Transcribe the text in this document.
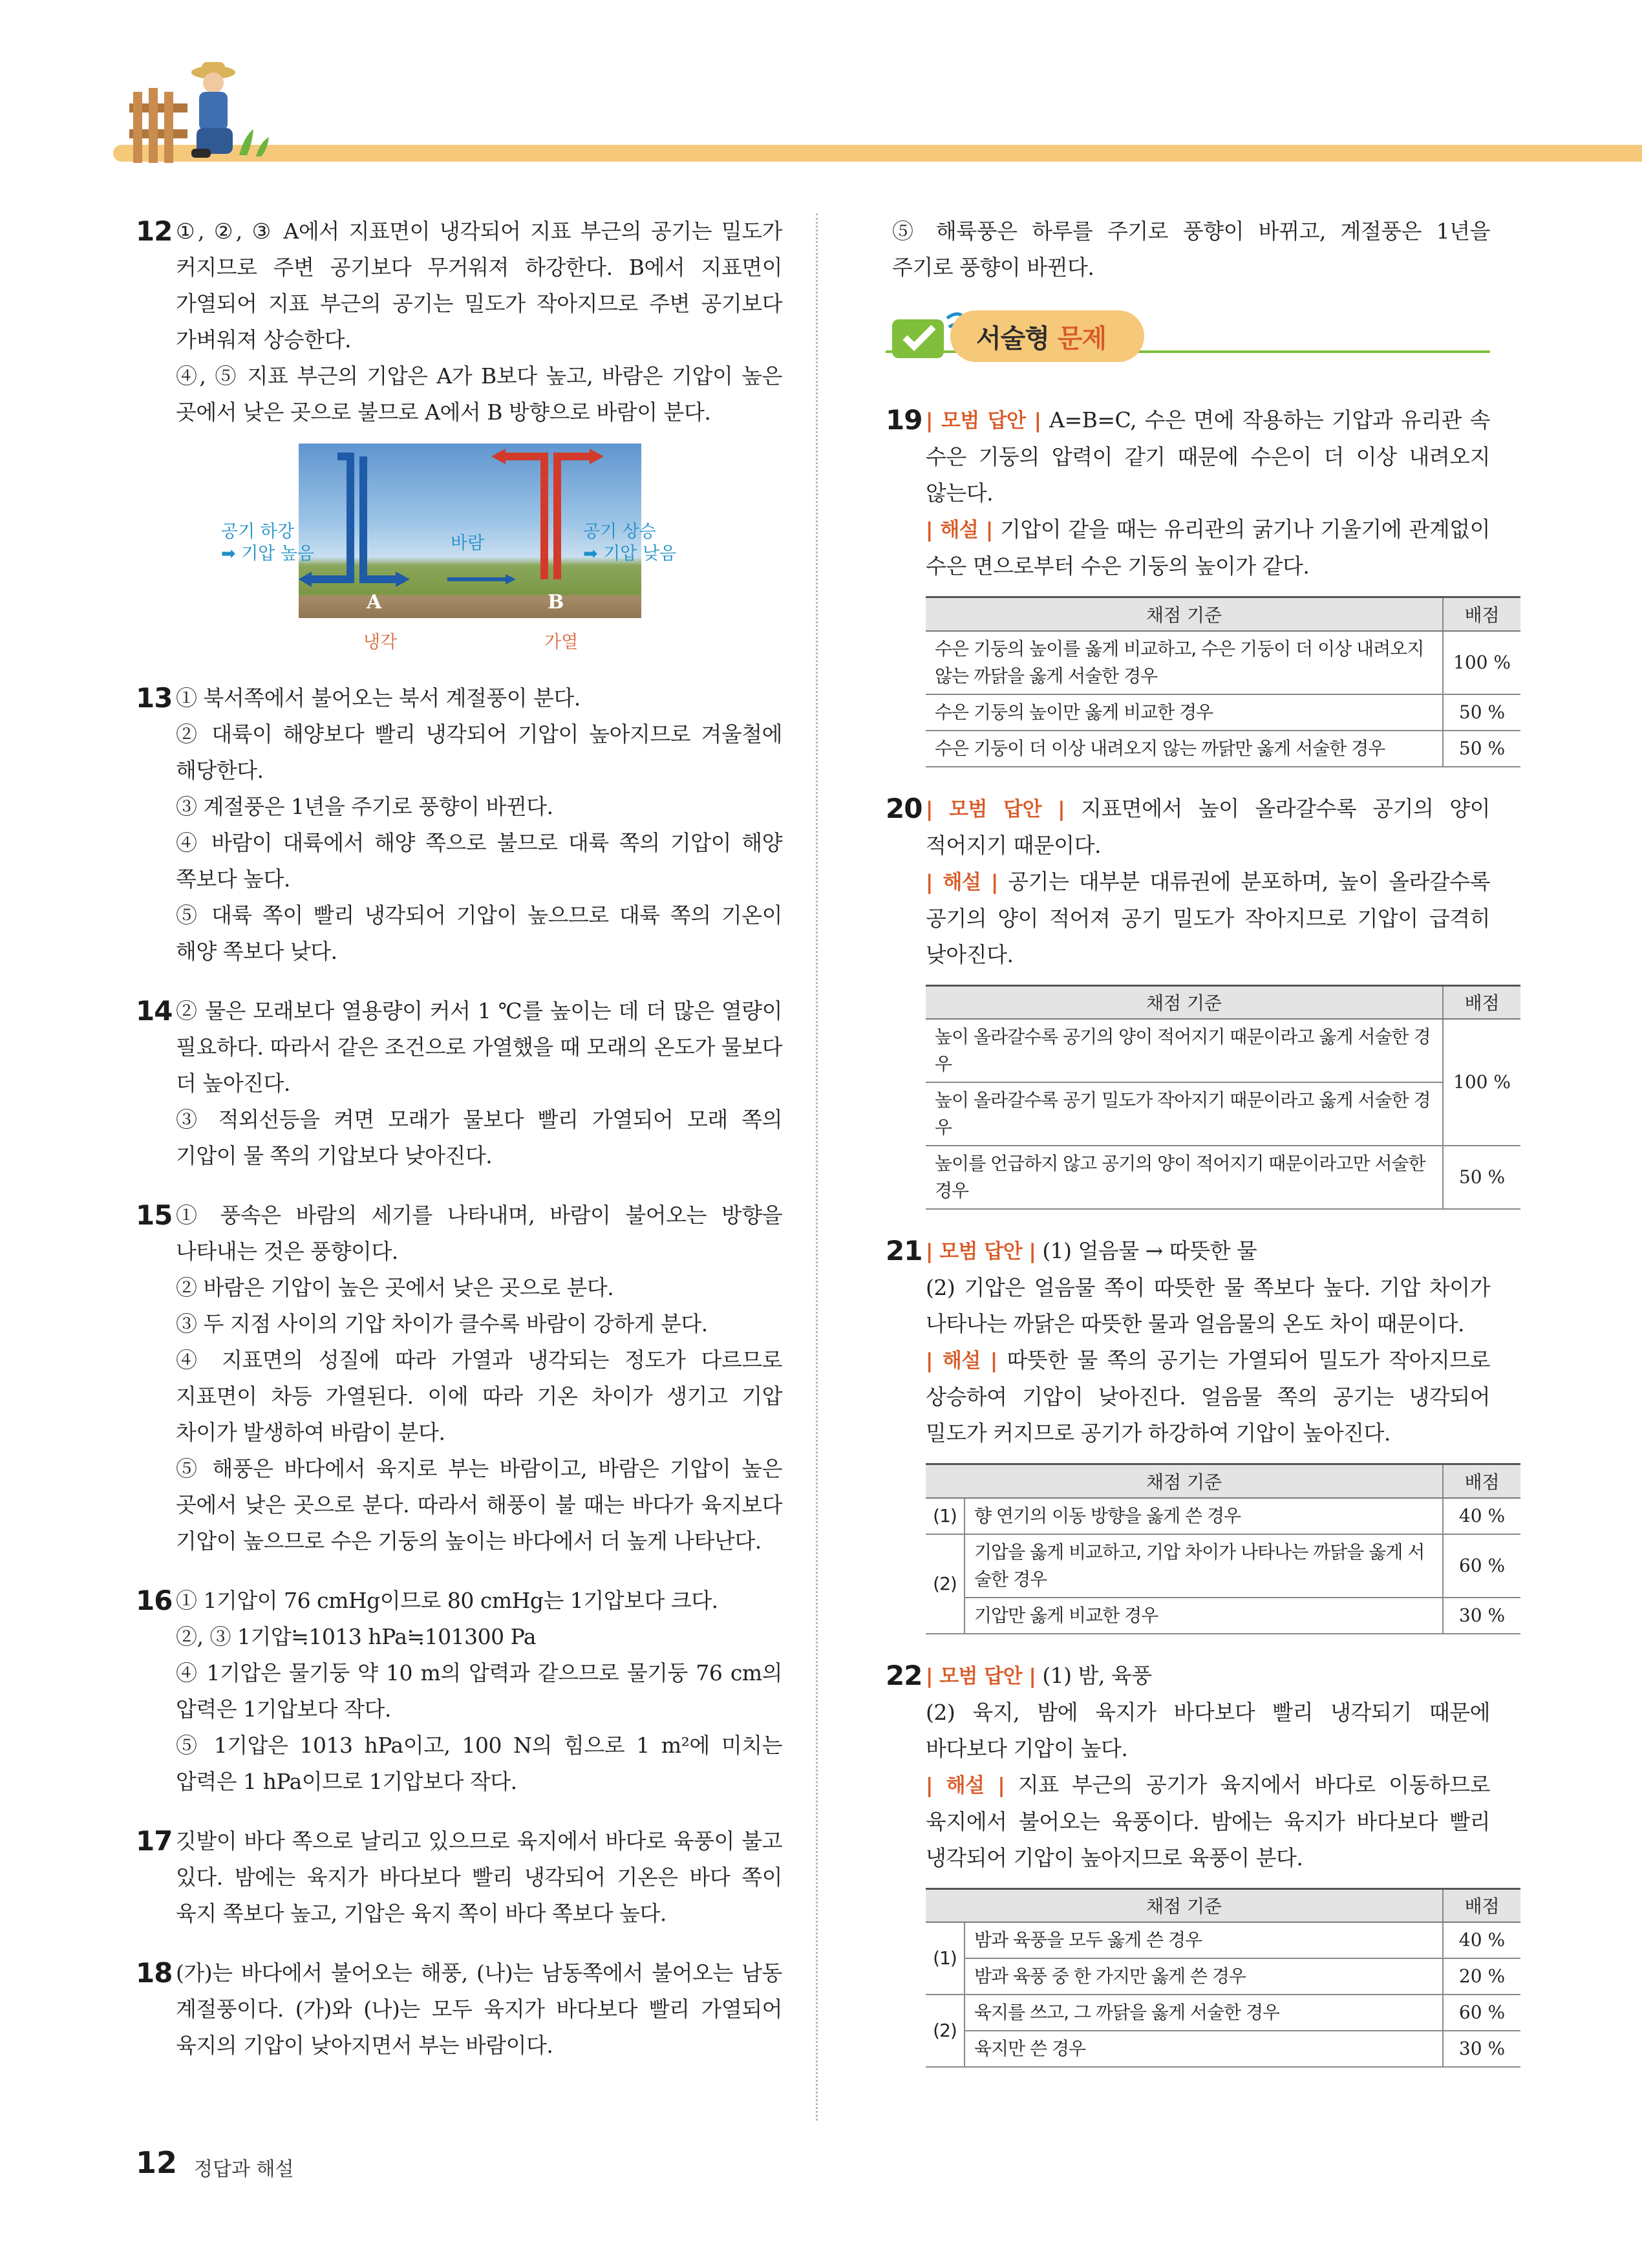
12 ①, ②, ③ A에서 지표면이 냉각되어 지표 부근의 공기는 밀도가 커지므로 주변 공기보다 무거워져 하강한다. B에서 지표면이 가열되어 지표 부근의 공기는 밀도가 작아지므로 주변 공기보다 가벼워져 상승한다.

④, ⑤ 지표 부근의 기압은 A가 B보다 높고, 바람은 기압이 높은 곳에서 낮은 곳으로 불므로 A에서 B 방향으로 바람이 분다.

공기 하강
➡ 기압 높음
공기 상승
➡ 기압 낮음
바람
A	B
냉각	가열
13 ① 북서쪽에서 불어오는 북서 계절풍이 분다.

② 대륙이 해양보다 빨리 냉각되어 기압이 높아지므로 겨울철에 해당한다.

③ 계절풍은 1년을 주기로 풍향이 바뀐다.

④ 바람이 대륙에서 해양 쪽으로 불므로 대륙 쪽의 기압이 해양 쪽보다 높다.

⑤ 대륙 쪽이 빨리 냉각되어 기압이 높으므로 대륙 쪽의 기온이 해양 쪽보다 낮다.

14 ② 물은 모래보다 열용량이 커서 1 ℃를 높이는 데 더 많은 열량이 필요하다. 따라서 같은 조건으로 가열했을 때 모래의 온도가 물보다 더 높아진다.

③ 적외선등을 켜면 모래가 물보다 빨리 가열되어 모래 쪽의 기압이 물 쪽의 기압보다 낮아진다.

15 ① 풍속은 바람의 세기를 나타내며, 바람이 불어오는 방향을 나타내는 것은 풍향이다.

② 바람은 기압이 높은 곳에서 낮은 곳으로 분다.

③ 두 지점 사이의 기압 차이가 클수록 바람이 강하게 분다.

④ 지표면의 성질에 따라 가열과 냉각되는 정도가 다르므로 지표면이 차등 가열된다. 이에 따라 기온 차이가 생기고 기압 차이가 발생하여 바람이 분다.

⑤ 해풍은 바다에서 육지로 부는 바람이고, 바람은 기압이 높은 곳에서 낮은 곳으로 분다. 따라서 해풍이 불 때는 바다가 육지보다 기압이 높으므로 수은 기둥의 높이는 바다에서 더 높게 나타난다.

16 ① 1기압이 76 cmHg이므로 80 cmHg는 1기압보다 크다.

②, ③ 1기압≒1013 hPa≒101300 Pa

④ 1기압은 물기둥 약 10 m의 압력과 같으므로 물기둥 76 cm의 압력은 1기압보다 작다.

⑤ 1기압은 1013 hPa이고, 100 N의 힘으로 1 m²에 미치는 압력은 1 hPa이므로 1기압보다 작다.

17 깃발이 바다 쪽으로 날리고 있으므로 육지에서 바다로 육풍이 불고 있다. 밤에는 육지가 바다보다 빨리 냉각되어 기온은 바다 쪽이 육지 쪽보다 높고, 기압은 육지 쪽이 바다 쪽보다 높다.

18 (가)는 바다에서 불어오는 해풍, (나)는 남동쪽에서 불어오는 남동 계절풍이다. (가)와 (나)는 모두 육지가 바다보다 빨리 가열되어 육지의 기압이 낮아지면서 부는 바람이다.

⑤ 해륙풍은 하루를 주기로 풍향이 바뀌고, 계절풍은 1년을 주기로 풍향이 바뀐다.

서술형 문제
19 | 모범 답안 | A=B=C, 수은 면에 작용하는 기압과 유리관 속 수은 기둥의 압력이 같기 때문에 수은이 더 이상 내려오지 않는다.

| 해설 | 기압이 같을 때는 유리관의 굵기나 기울기에 관계없이 수은 면으로부터 수은 기둥의 높이가 같다.

채점 기준	배점
수은 기둥의 높이를 옳게 비교하고, 수은 기둥이 더 이상 내려오지 않는 까닭을 옳게 서술한 경우	100 %
수은 기둥의 높이만 옳게 비교한 경우	50 %
수은 기둥이 더 이상 내려오지 않는 까닭만 옳게 서술한 경우	50 %
20 | 모범 답안 | 지표면에서 높이 올라갈수록 공기의 양이 적어지기 때문이다.

| 해설 | 공기는 대부분 대류권에 분포하며, 높이 올라갈수록 공기의 양이 적어져 공기 밀도가 작아지므로 기압이 급격히 낮아진다.

채점 기준	배점
높이 올라갈수록 공기의 양이 적어지기 때문이라고 옳게 서술한 경우	100 %
높이 올라갈수록 공기 밀도가 작아지기 때문이라고 옳게 서술한 경우	
높이를 언급하지 않고 공기의 양이 적어지기 때문이라고만 서술한 경우	50 %
21 | 모범 답안 | (1) 얼음물 → 따뜻한 물

(2) 기압은 얼음물 쪽이 따뜻한 물 쪽보다 높다. 기압 차이가 나타나는 까닭은 따뜻한 물과 얼음물의 온도 차이 때문이다.

| 해설 | 따뜻한 물 쪽의 공기는 가열되어 밀도가 작아지므로 상승하여 기압이 낮아진다. 얼음물 쪽의 공기는 냉각되어 밀도가 커지므로 공기가 하강하여 기압이 높아진다.

채점 기준		배점
(1)	향 연기의 이동 방향을 옳게 쓴 경우	40 %
(2)	기압을 옳게 비교하고, 기압 차이가 나타나는 까닭을 옳게 서술한 경우	60 %
	기압만 옳게 비교한 경우	30 %
22 | 모범 답안 | (1) 밤, 육풍

(2) 육지, 밤에 육지가 바다보다 빨리 냉각되기 때문에 바다보다 기압이 높다.

| 해설 | 지표 부근의 공기가 육지에서 바다로 이동하므로 육지에서 불어오는 육풍이다. 밤에는 육지가 바다보다 빨리 냉각되어 기압이 높아지므로 육풍이 분다.

채점 기준		배점
(1)	밤과 육풍을 모두 옳게 쓴 경우	40 %
	밤과 육풍 중 한 가지만 옳게 쓴 경우	20 %
(2)	육지를 쓰고, 그 까닭을 옳게 서술한 경우	60 %
	육지만 쓴 경우	30 %
12 정답과 해설
